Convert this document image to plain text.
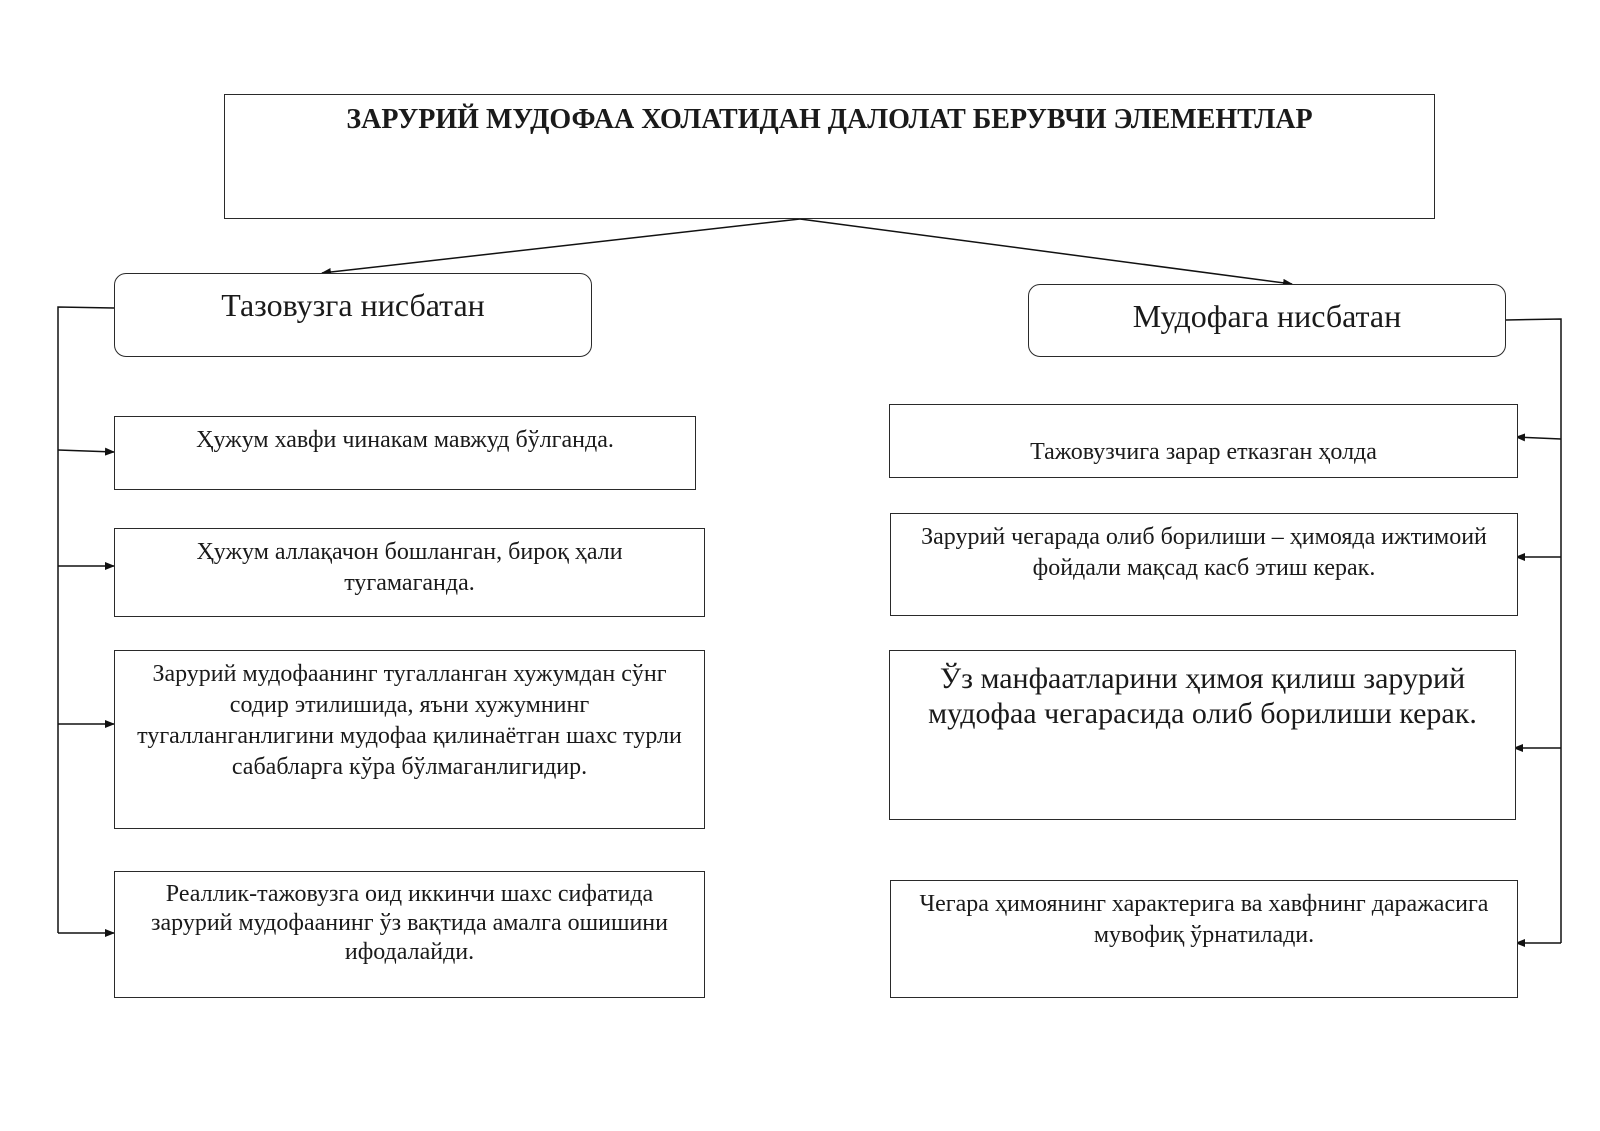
ЗАРУРИЙ МУДОФАА ХОЛАТИДАН ДАЛОЛАТ БЕРУВЧИ ЭЛЕМЕНТЛАР
Тазовузга нисбатан	Мудофага нисбатан
Ҳужум хавфи чинакам мавжуд бўлганда.
Ҳужум аллақачон бошланган, бироқ ҳали тугамаганда.
Зарурий мудофаанинг тугалланган хужумдан сўнг содир этилишида, яъни хужумнинг тугалланганлигини мудофаа қилинаётган шахс турли сабабларга кўра бўлмаганлигидир.
Реаллик-тажовузга оид иккинчи шахс сифатида зарурий мудофаанинг ўз вақтида амалга ошишини ифодалайди.
Тажовузчига зарар етказган ҳолда
Зарурий чегарада олиб борилиши – ҳимояда ижтимоий фойдали мақсад касб этиш керак.
Ўз манфаатларини ҳимоя қилиш зарурий мудофаа чегарасида олиб борилиши керак.
Чегара ҳимоянинг характерига ва хавфнинг даражасига мувофиқ ўрнатилади.
